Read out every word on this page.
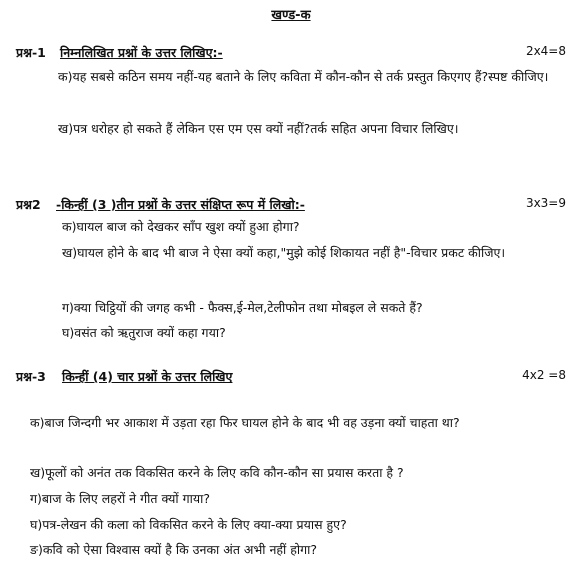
खण्ड-क
प्रश्न-1 निम्नलिखित प्रश्नों के उत्तर लिखिए:-	2x4=8
क) यह सबसे कठिन समय नहीं-यह बताने के लिए कविता में कौन-कौन से तर्क प्रस्तुत किएगए हैं?स्पष्ट कीजिए।
ख) पत्र धरोहर हो सकते हैं लेकिन एस एम एस क्यों नहीं?तर्क सहित अपना विचार लिखिए।
प्रश्न2 -किन्हीं (3 )तीन प्रश्नों के उत्तर संक्षिप्त रूप में लिखो:-	3x3=9
क) घायल बाज को देखकर साँप खुश क्यों हुआ होगा?
ख) घायल होने के बाद भी बाज ने ऐसा क्यों कहा,"मुझे कोई शिकायत नहीं है"-विचार प्रकट कीजिए।
ग) क्या चिट्ठियों की जगह कभी - फैक्स,ई-मेल,टेलीफोन तथा मोबइल ले सकते हैं?
घ) वसंत को ऋतुराज क्यों कहा गया?
प्रश्न-3 किन्हीं (4) चार प्रश्नों के उत्तर लिखिए	4x2 =8
क) बाज जिन्दगी भर आकाश में उड़ता रहा फिर घायल होने के बाद भी वह उड़ना क्यों चाहता था?
ख) फूलों को अनंत तक विकसित करने के लिए कवि कौन-कौन सा प्रयास करता है ?
ग) बाज के लिए लहरों ने गीत क्यों गाया?
घ) पत्र-लेखन की कला को विकसित करने के लिए क्या-क्या प्रयास हुए?
ङ) कवि को ऐसा विश्वास क्यों है कि उनका अंत अभी नहीं होगा?
